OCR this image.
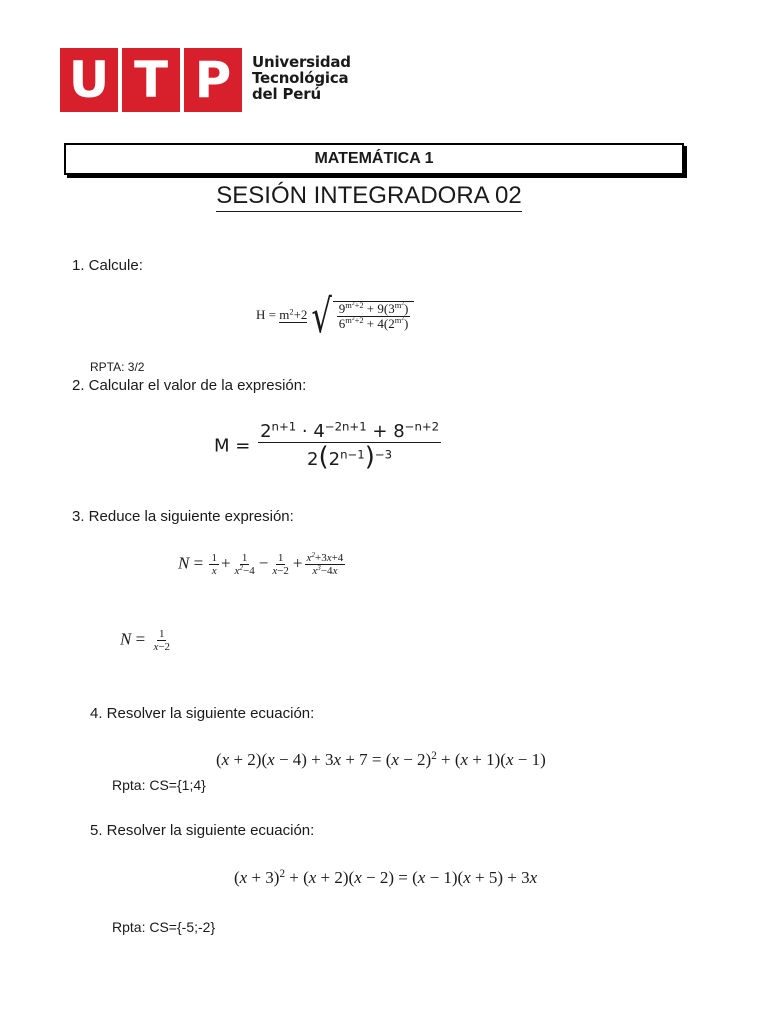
U T P	Universidad
Tecnológica
del Perú
MATEMÁTICA 1
SESIÓN INTEGRADORA 02
1. Calcule:
$H = m^2+2√ \frac{9^{m^2+2} + 9(3^{m^2})}{6^{m^2+2} + 4(2^{m^2})}$
RPTA: 3/2
2. Calcular el valor de la expresión:
$M = \frac{2^{n+1} \cdot 4^{-2n+1} + 8^{-n+2}}{2(2^{n-1})^{-3}}$
3. Reduce la siguiente expresión:
$N = \frac{1}{x} + \frac{1}{x^2-4} - \frac{1}{x-2} + \frac{x^2+3x+4}{x^3-4x}$
$N = \frac{1}{x-2}$
4. Resolver la siguiente ecuación:
$(x + 2)(x - 4) + 3x + 7 = (x - 2)^2 + (x + 1)(x - 1)$
Rpta: CS={1;4}
5. Resolver la siguiente ecuación:
$(x + 3)^2 + (x + 2)(x - 2) = (x - 1)(x + 5) + 3x$
Rpta: CS={-5;-2}
